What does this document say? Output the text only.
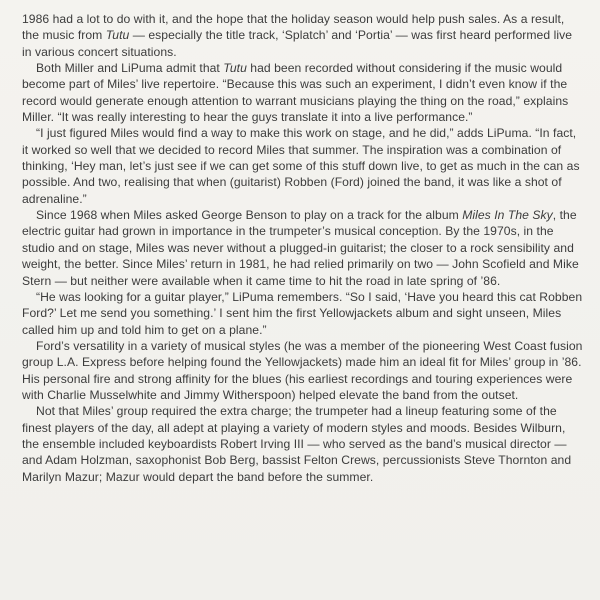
1986 had a lot to do with it, and the hope that the holiday season would help push sales. As a result, the music from Tutu — especially the title track, ‘Splatch’ and ‘Portia’ — was first heard performed live in various concert situations.

Both Miller and LiPuma admit that Tutu had been recorded without considering if the music would become part of Miles’ live repertoire. “Because this was such an experiment, I didn’t even know if the record would generate enough attention to warrant musicians playing the thing on the road,” explains Miller. “It was really interesting to hear the guys translate it into a live performance.”

“I just figured Miles would find a way to make this work on stage, and he did,” adds LiPuma. “In fact, it worked so well that we decided to record Miles that summer. The inspiration was a combination of thinking, ‘Hey man, let’s just see if we can get some of this stuff down live, to get as much in the can as possible. And two, realising that when (guitarist) Robben (Ford) joined the band, it was like a shot of adrenaline.”

Since 1968 when Miles asked George Benson to play on a track for the album Miles In The Sky, the electric guitar had grown in importance in the trumpeter’s musical conception. By the 1970s, in the studio and on stage, Miles was never without a plugged-in guitarist; the closer to a rock sensibility and weight, the better. Since Miles’ return in 1981, he had relied primarily on two — John Scofield and Mike Stern — but neither were available when it came time to hit the road in late spring of ’86.

“He was looking for a guitar player,” LiPuma remembers. “So I said, ‘Have you heard this cat Robben Ford?’ Let me send you something.’ I sent him the first Yellowjackets album and sight unseen, Miles called him up and told him to get on a plane.”

Ford’s versatility in a variety of musical styles (he was a member of the pioneering West Coast fusion group L.A. Express before helping found the Yellowjackets) made him an ideal fit for Miles’ group in ’86. His personal fire and strong affinity for the blues (his earliest recordings and touring experiences were with Charlie Musselwhite and Jimmy Witherspoon) helped elevate the band from the outset.

Not that Miles’ group required the extra charge; the trumpeter had a lineup featuring some of the finest players of the day, all adept at playing a variety of modern styles and moods. Besides Wilburn, the ensemble included keyboardists Robert Irving III — who served as the band’s musical director — and Adam Holzman, saxophonist Bob Berg, bassist Felton Crews, percussionists Steve Thornton and Marilyn Mazur; Mazur would depart the band before the summer.
